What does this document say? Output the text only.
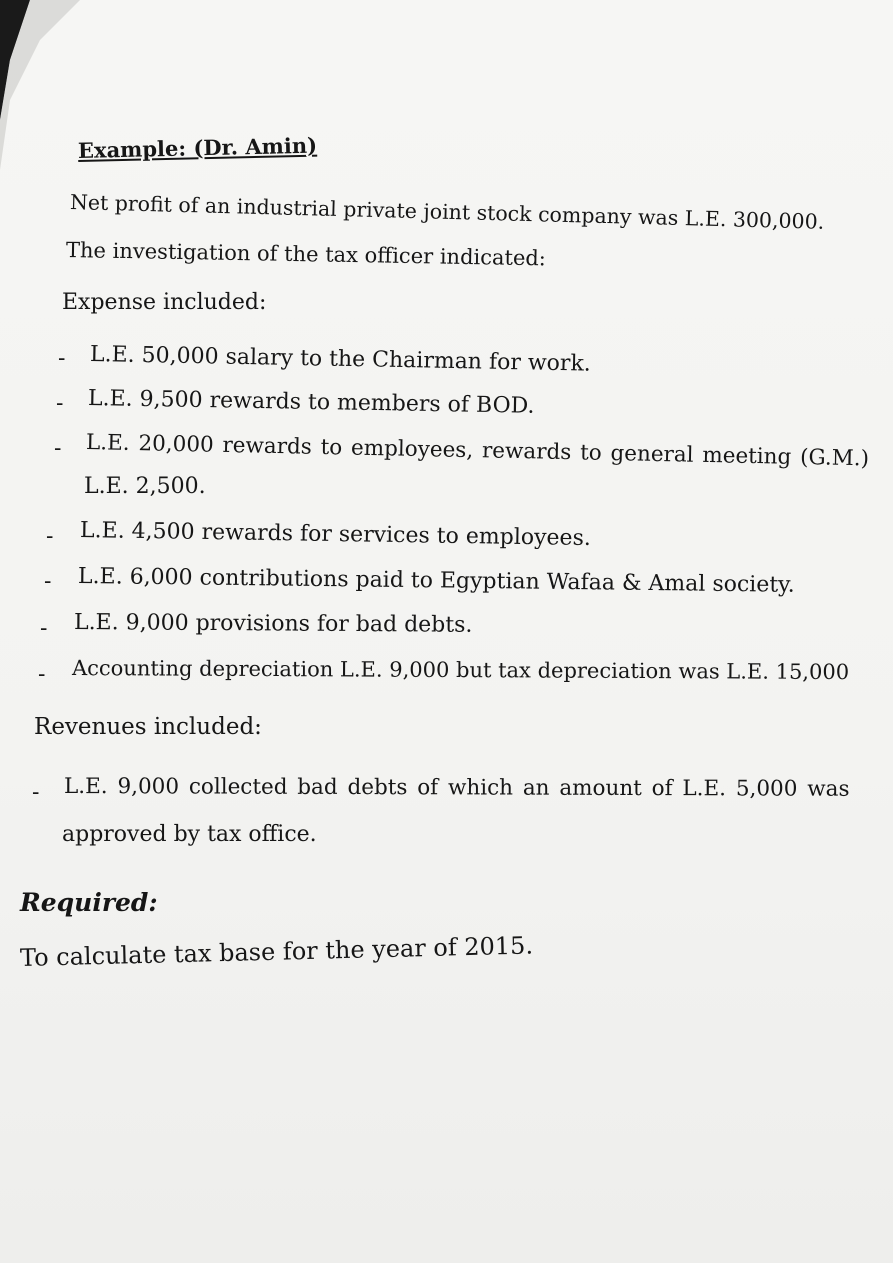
Example: (Dr. Amin)
Net profit of an industrial private joint stock company was L.E. 300,000.
The investigation of the tax officer indicated:
Expense included:
- L.E. 50,000 salary to the Chairman for work.
- L.E. 9,500 rewards to members of BOD.
- L.E. 20,000 rewards to employees, rewards to general meeting (G.M.)
L.E. 2,500.
- L.E. 4,500 rewards for services to employees.
- L.E. 6,000 contributions paid to Egyptian Wafaa & Amal society.
- L.E. 9,000 provisions for bad debts.
- Accounting depreciation L.E. 9,000 but tax depreciation was L.E. 15,000
Revenues included:
- L.E. 9,000 collected bad debts of which an amount of L.E. 5,000 was
approved by tax office.
Required:
To calculate tax base for the year of 2015.
